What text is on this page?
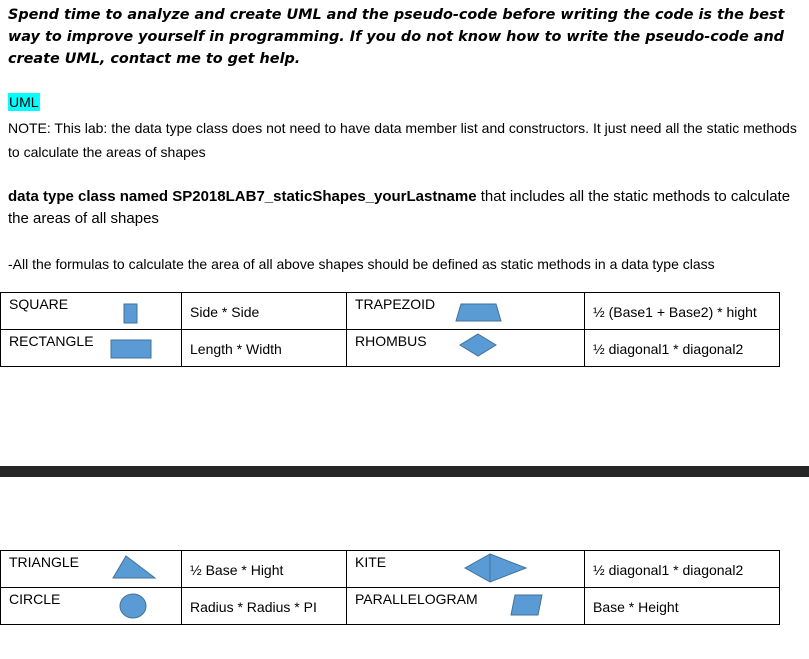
Spend time to analyze and create UML and the pseudo-code before writing the code is the best way to improve yourself in programming. If you do not know how to write the pseudo-code and create UML, contact me to get help.
UML
NOTE: This lab: the data type class does not need to have data member list and constructors. It just need all the static methods to calculate the areas of shapes
data type class named SP2018LAB7_staticShapes_yourLastname that includes all the static methods to calculate the areas of all shapes
-All the formulas to calculate the area of all above shapes should be defined as static methods in a data type class
SQUARE	Side * Side	TRAPEZOID	½ (Base1 + Base2) * hight

RECTANGLE	Length * Width	RHOMBUS	½ diagonal1 * diagonal2
TRIANGLE	½ Base * Hight	KITE	½ diagonal1 * diagonal2

CIRCLE	Radius * Radius * PI	PARALLELOGRAM	Base * Height
